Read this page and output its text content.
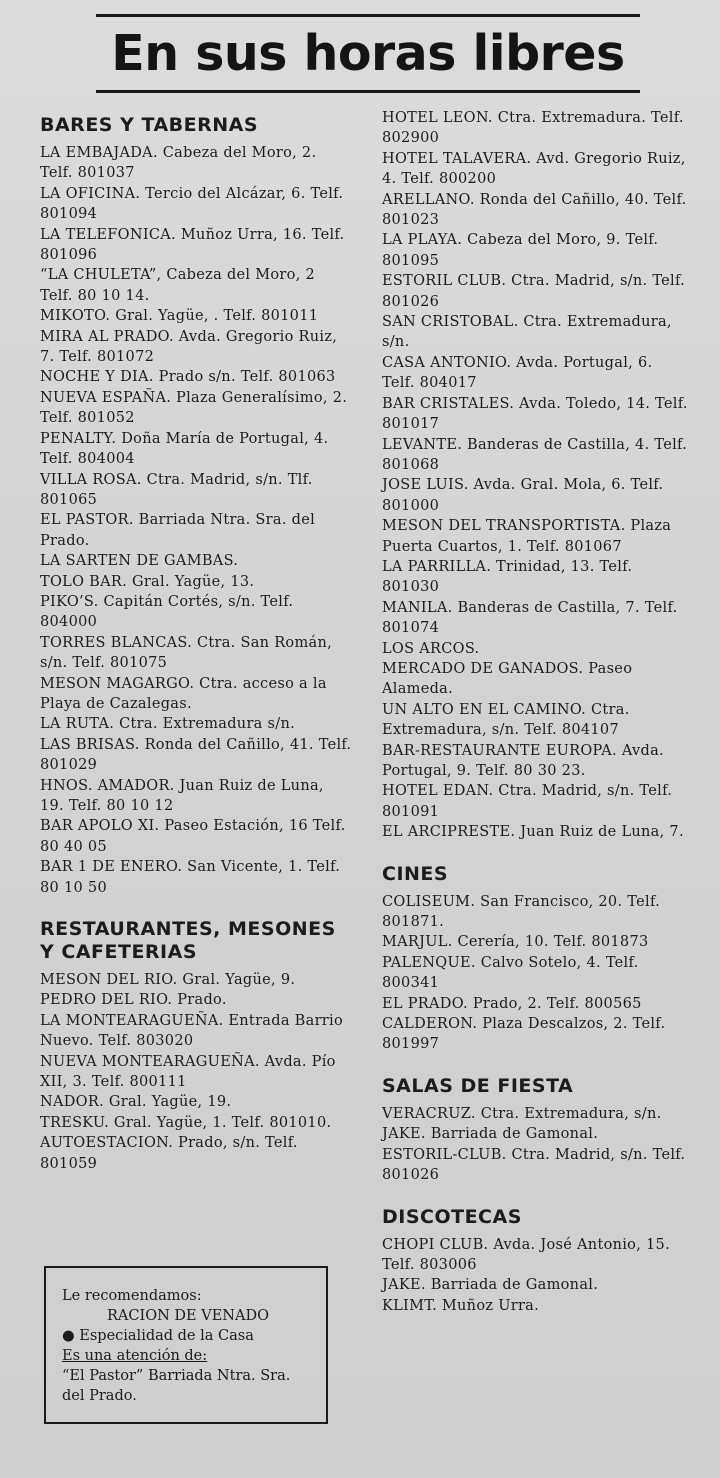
En sus horas libres
BARES Y TABERNAS
LA EMBAJADA. Cabeza del Moro, 2. Telf. 801037
LA OFICINA. Tercio del Alcázar, 6. Telf. 801094
LA TELEFONICA. Muñoz Urra, 16. Telf. 801096
“LA CHULETA”, Cabeza del Moro, 2 Telf. 80 10 14.
MIKOTO. Gral. Yagüe, . Telf. 801011
MIRA AL PRADO. Avda. Gregorio Ruiz, 7. Telf. 801072
NOCHE Y DIA. Prado s/n. Telf. 801063
NUEVA ESPAÑA. Plaza Generalísimo, 2. Telf. 801052
PENALTY. Doña María de Portugal, 4. Telf. 804004
VILLA ROSA. Ctra. Madrid, s/n. Tlf. 801065
EL PASTOR. Barriada Ntra. Sra. del Prado.
LA SARTEN DE GAMBAS.
TOLO BAR. Gral. Yagüe, 13.
PIKO’S. Capitán Cortés, s/n. Telf. 804000
TORRES BLANCAS. Ctra. San Román, s/n. Telf. 801075
MESON MAGARGO. Ctra. acceso a la Playa de Cazalegas.
LA RUTA. Ctra. Extremadura s/n.
LAS BRISAS. Ronda del Cañillo, 41. Telf. 801029
HNOS. AMADOR. Juan Ruiz de Luna, 19. Telf. 80 10 12
BAR APOLO XI. Paseo Estación, 16 Telf. 80 40 05
BAR 1 DE ENERO. San Vicente, 1. Telf. 80 10 50
RESTAURANTES, MESONES Y CAFETERIAS
MESON DEL RIO. Gral. Yagüe, 9.
PEDRO DEL RIO. Prado.
LA MONTEARAGUEÑA. Entrada Barrio Nuevo. Telf. 803020
NUEVA MONTEARAGUEÑA. Avda. Pío XII, 3. Telf. 800111
NADOR. Gral. Yagüe, 19.
TRESKU. Gral. Yagüe, 1. Telf. 801010.
AUTOESTACION. Prado, s/n. Telf. 801059
HOTEL LEON. Ctra. Extremadura. Telf. 802900
HOTEL TALAVERA. Avd. Gregorio Ruiz, 4. Telf. 800200
ARELLANO. Ronda del Cañillo, 40. Telf. 801023
LA PLAYA. Cabeza del Moro, 9. Telf. 801095
ESTORIL CLUB. Ctra. Madrid, s/n. Telf. 801026
SAN CRISTOBAL. Ctra. Extremadura, s/n.
CASA ANTONIO. Avda. Portugal, 6. Telf. 804017
BAR CRISTALES. Avda. Toledo, 14. Telf. 801017
LEVANTE. Banderas de Castilla, 4. Telf. 801068
JOSE LUIS. Avda. Gral. Mola, 6. Telf. 801000
MESON DEL TRANSPORTISTA. Plaza Puerta Cuartos, 1. Telf. 801067
LA PARRILLA. Trinidad, 13. Telf. 801030
MANILA. Banderas de Castilla, 7. Telf. 801074
LOS ARCOS.
MERCADO DE GANADOS. Paseo Alameda.
UN ALTO EN EL CAMINO. Ctra. Extremadura, s/n. Telf. 804107
BAR-RESTAURANTE EUROPA. Avda. Portugal, 9. Telf. 80 30 23.
HOTEL EDAN. Ctra. Madrid, s/n. Telf. 801091
EL ARCIPRESTE. Juan Ruiz de Luna, 7.
CINES
COLISEUM. San Francisco, 20. Telf. 801871.
MARJUL. Cerería, 10. Telf. 801873
PALENQUE. Calvo Sotelo, 4. Telf. 800341
EL PRADO. Prado, 2. Telf. 800565
CALDERON. Plaza Descalzos, 2. Telf. 801997
SALAS DE FIESTA
VERACRUZ. Ctra. Extremadura, s/n.
JAKE. Barriada de Gamonal.
ESTORIL-CLUB. Ctra. Madrid, s/n. Telf. 801026
DISCOTECAS
CHOPI CLUB. Avda. José Antonio, 15. Telf. 803006
JAKE. Barriada de Gamonal.
KLIMT. Muñoz Urra.
Le recomendamos:
RACION DE VENADO
● Especialidad de la Casa
Es una atención de:
“El Pastor” Barriada Ntra. Sra. del Prado.
